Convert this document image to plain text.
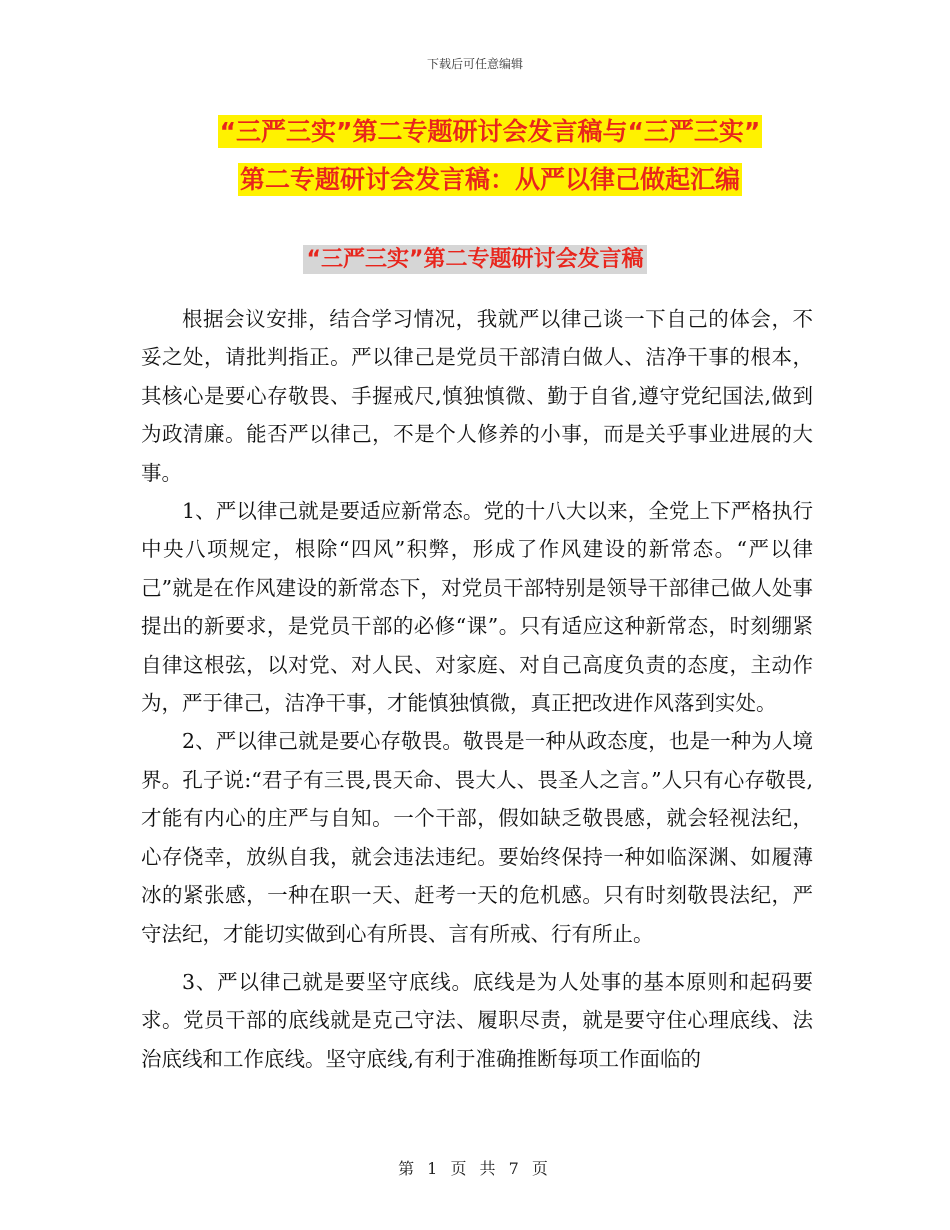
下载后可任意编辑
“三严三实”第二专题研讨会发言稿与“三严三实”
第二专题研讨会发言稿：从严以律己做起汇编
“三严三实”第二专题研讨会发言稿

根据会议安排，结合学习情况，我就严以律己谈一下自己的体会，不妥之处，请批判指正。严以律己是党员干部清白做人、洁净干事的根本，其核心是要心存敬畏、手握戒尺,慎独慎微、勤于自省,遵守党纪国法,做到为政清廉。能否严以律己，不是个人修养的小事，而是关乎事业进展的大事。

1、严以律己就是要适应新常态。党的十八大以来，全党上下严格执行中央八项规定，根除“四风”积弊，形成了作风建设的新常态。“严以律己”就是在作风建设的新常态下，对党员干部特别是领导干部律己做人处事提出的新要求，是党员干部的必修“课”。只有适应这种新常态，时刻绷紧自律这根弦，以对党、对人民、对家庭、对自己高度负责的态度，主动作为，严于律己，洁净干事，才能慎独慎微，真正把改进作风落到实处。

2、严以律己就是要心存敬畏。敬畏是一种从政态度，也是一种为人境界。孔子说:“君子有三畏,畏天命、畏大人、畏圣人之言。”人只有心存敬畏,才能有内心的庄严与自知。一个干部，假如缺乏敬畏感，就会轻视法纪，心存侥幸，放纵自我，就会违法违纪。要始终保持一种如临深渊、如履薄冰的紧张感，一种在职一天、赶考一天的危机感。只有时刻敬畏法纪，严守法纪，才能切实做到心有所畏、言有所戒、行有所止。

3、严以律己就是要坚守底线。底线是为人处事的基本原则和起码要求。党员干部的底线就是克己守法、履职尽责，就是要守住心理底线、法治底线和工作底线。坚守底线,有利于准确推断每项工作面临的

第 1 页 共 7 页
